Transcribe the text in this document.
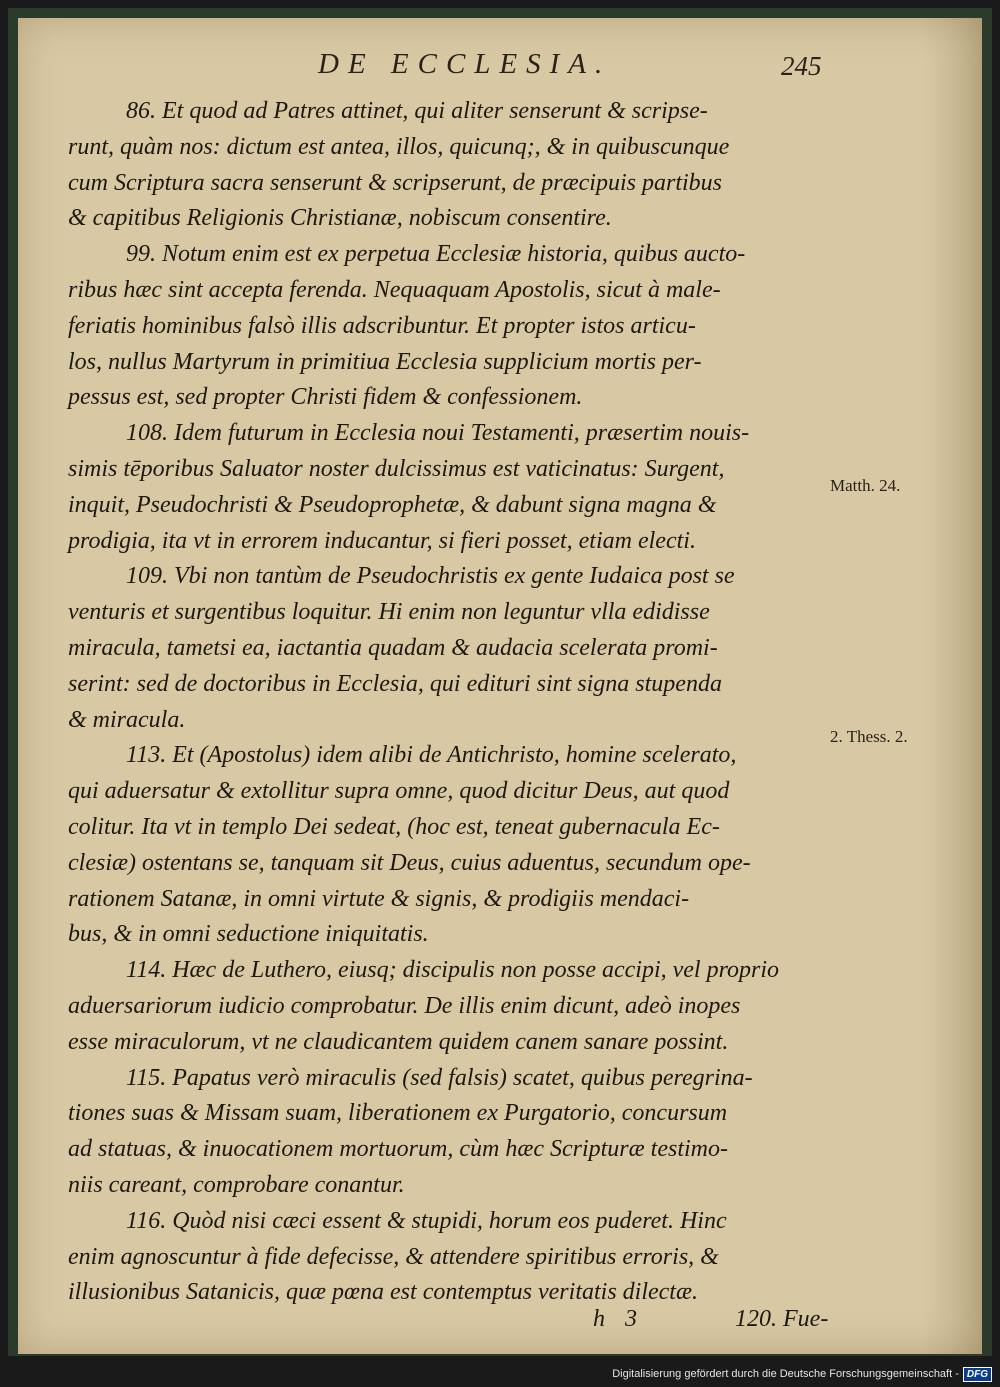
DE ECCLESIA.	245
86. Et quod ad Patres attinet, qui aliter senserunt & scripse-
runt, quàm nos: dictum est antea, illos, quicunq;, & in quibuscunque
cum Scriptura sacra senserunt & scripserunt, de præcipuis partibus
& capitibus Religionis Christianæ, nobiscum consentire.
99. Notum enim est ex perpetua Ecclesiæ historia, quibus aucto-
ribus hæc sint accepta ferenda. Nequaquam Apostolis, sicut à male-
feriatis hominibus falsò illis adscribuntur. Et propter istos articu-
los, nullus Martyrum in primitiua Ecclesia supplicium mortis per-
pessus est, sed propter Christi fidem & confessionem.
108. Idem futurum in Ecclesia noui Testamenti, præsertim nouis-
simis tēporibus Saluator noster dulcissimus est vaticinatus: Surgent,
inquit, Pseudochristi & Pseudoprophetæ, & dabunt signa magna &
prodigia, ita vt in errorem inducantur, si fieri posset, etiam electi.
109. Vbi non tantùm de Pseudochristis ex gente Iudaica post se
venturis et surgentibus loquitur. Hi enim non leguntur vlla edidisse
miracula, tametsi ea, iactantia quadam & audacia scelerata promi-
serint: sed de doctoribus in Ecclesia, qui edituri sint signa stupenda
& miracula.
113. Et (Apostolus) idem alibi de Antichristo, homine scelerato,
qui aduersatur & extollitur supra omne, quod dicitur Deus, aut quod
colitur. Ita vt in templo Dei sedeat, (hoc est, teneat gubernacula Ec-
clesiæ) ostentans se, tanquam sit Deus, cuius aduentus, secundum ope-
rationem Satanæ, in omni virtute & signis, & prodigiis mendaci-
bus, & in omni seductione iniquitatis.
114. Hæc de Luthero, eiusq; discipulis non posse accipi, vel proprio
aduersariorum iudicio comprobatur. De illis enim dicunt, adeò inopes
esse miraculorum, vt ne claudicantem quidem canem sanare possint.
115. Papatus verò miraculis (sed falsis) scatet, quibus peregrina-
tiones suas & Missam suam, liberationem ex Purgatorio, concursum
ad statuas, & inuocationem mortuorum, cùm hæc Scripturæ testimo-
niis careant, comprobare conantur.
116. Quòd nisi cæci essent & stupidi, horum eos puderet. Hinc
enim agnoscuntur à fide defecisse, & attendere spiritibus erroris, &
illusionibus Satanicis, quæ pœna est contemptus veritatis dilectæ.
Matth. 24.
2. Thess. 2.
h 3	120. Fue-
Digitalisierung gefördert durch die Deutsche Forschungsgemeinschaft - DFG
